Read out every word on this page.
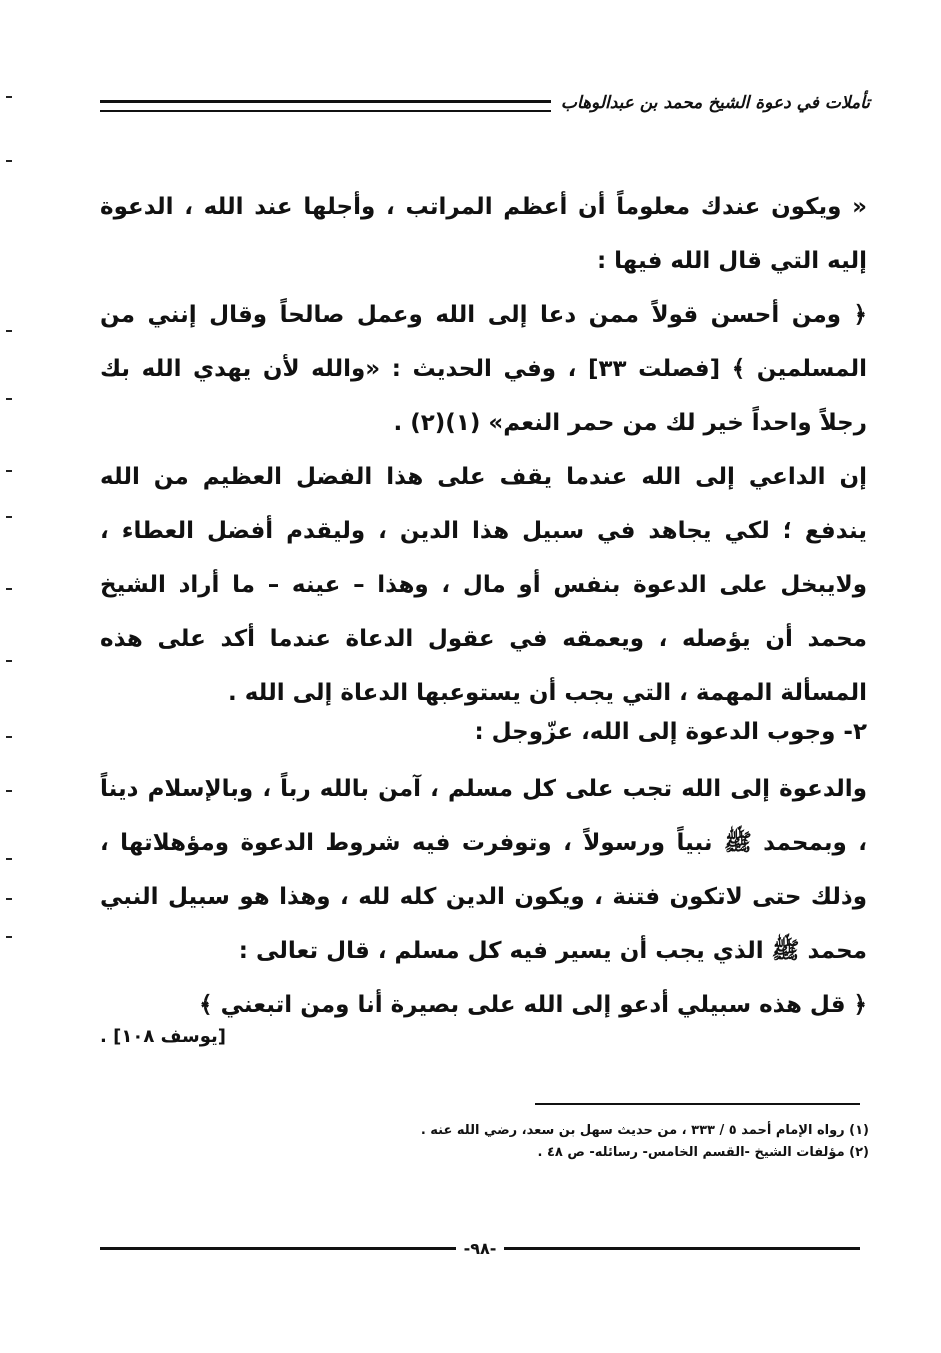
تأملات في دعوة الشيخ محمد بن عبدالوهاب

« ويكون عندك معلوماً أن أعظم المراتب ، وأجلها عند الله ، الدعوة إليه التي قال الله فيها :

﴿ ومن أحسن قولاً ممن دعا إلى الله وعمل صالحاً وقال إنني من المسلمين ﴾ [فصلت ٣٣] ، وفي الحديث : «والله لأن يهدي الله بك رجلاً واحداً خير لك من حمر النعم» (١)(٢) .

إن الداعي إلى الله عندما يقف على هذا الفضل العظيم من الله يندفع ؛ لكي يجاهد في سبيل هذا الدين ، وليقدم أفضل العطاء ، ولايبخل على الدعوة بنفس أو مال ، وهذا – عينه – ما أراد الشيخ محمد أن يؤصله ، ويعمقه في عقول الدعاة عندما أكد على هذه المسألة المهمة ، التي يجب أن يستوعبها الدعاة إلى الله .

٢- وجوب الدعوة إلى الله، عزّوجل :

والدعوة إلى الله تجب على كل مسلم ، آمن بالله رباً ، وبالإسلام ديناً ، وبمحمد ﷺ نبياً ورسولاً ، وتوفرت فيه شروط الدعوة ومؤهلاتها ، وذلك حتى لاتكون فتنة ، ويكون الدين كله لله ، وهذا هو سبيل النبي محمد ﷺ الذي يجب أن يسير فيه كل مسلم ، قال تعالى :

﴿ قل هذه سبيلي أدعو إلى الله على بصيرة أنا ومن اتبعني ﴾

[يوسف ١٠٨] .
(١) رواه الإمام أحمد ٥ / ٣٣٣ ، من حديث سهل بن سعد، رضي الله عنه .
(٢) مؤلفات الشيخ -القسم الخامس- رسائله- ص ٤٨ .
-٩٨-
